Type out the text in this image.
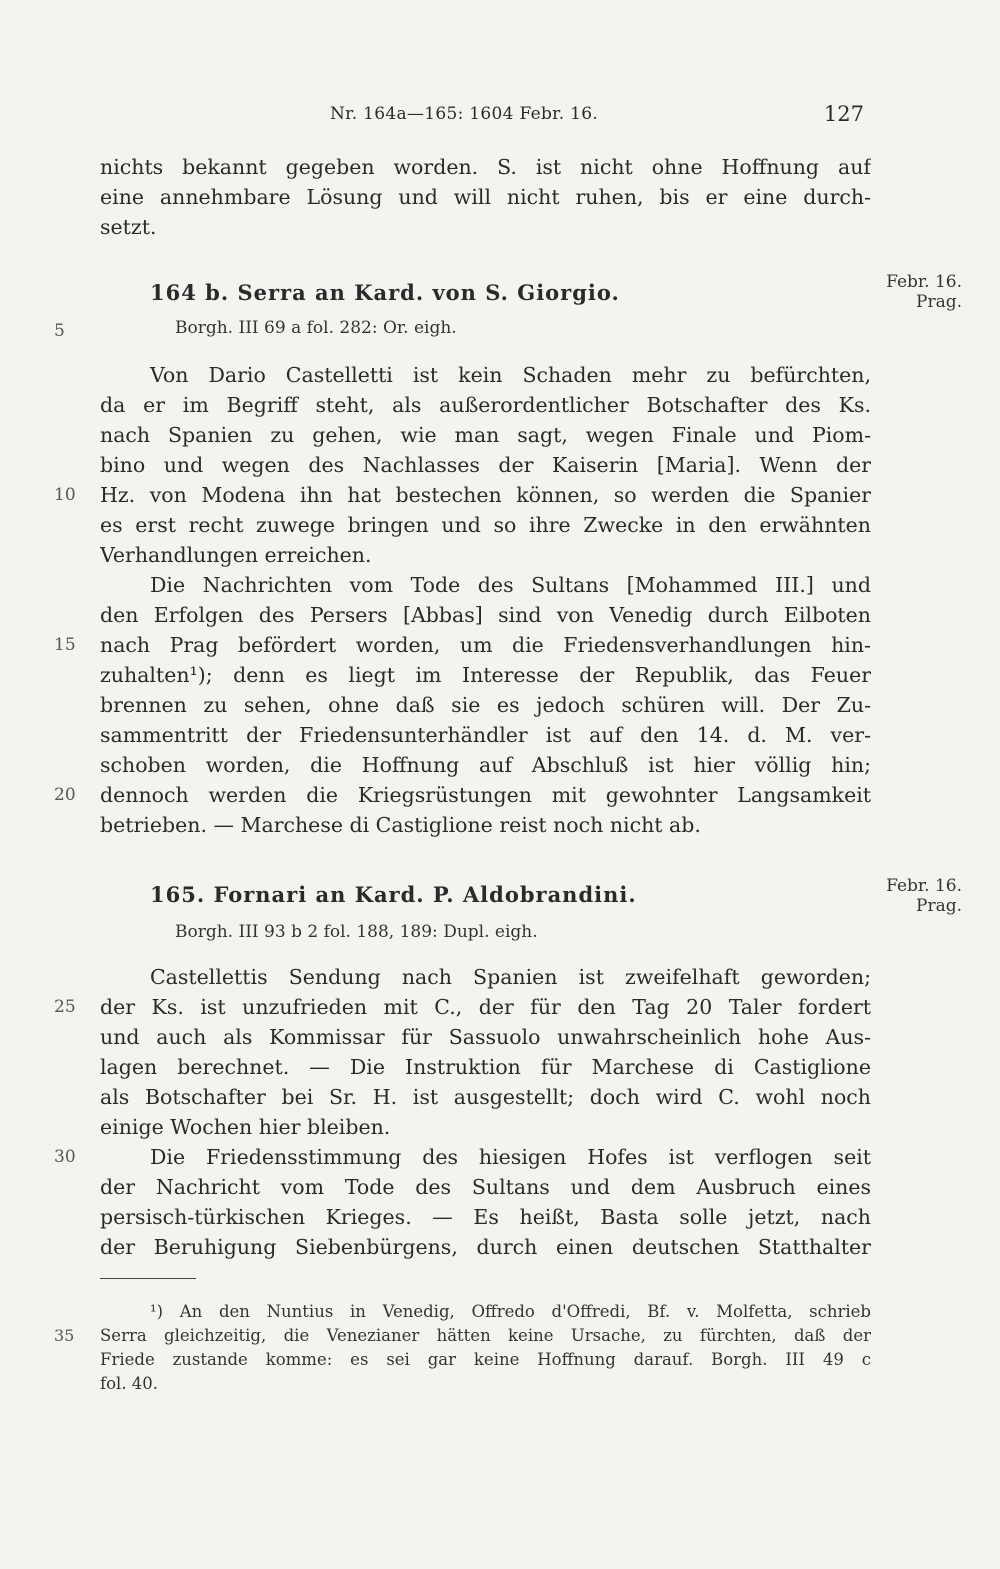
Nr. 164a—165: 1604 Febr. 16.	127
nichts bekannt gegeben worden. S. ist nicht ohne Hoffnung auf
eine annehmbare Lösung und will nicht ruhen, bis er eine durch-
setzt.
164 b. Serra an Kard. von S. Giorgio.
Borgh. III 69 a fol. 282: Or. eigh.
Febr. 16.
Prag.
5
Von Dario Castelletti ist kein Schaden mehr zu befürchten,
da er im Begriff steht, als außerordentlicher Botschafter des Ks.
nach Spanien zu gehen, wie man sagt, wegen Finale und Piom-
bino und wegen des Nachlasses der Kaiserin [Maria]. Wenn der
10	Hz. von Modena ihn hat bestechen können, so werden die Spanier
es erst recht zuwege bringen und so ihre Zwecke in den erwähnten
Verhandlungen erreichen.
Die Nachrichten vom Tode des Sultans [Mohammed III.] und
den Erfolgen des Persers [Abbas] sind von Venedig durch Eilboten
15	nach Prag befördert worden, um die Friedensverhandlungen hin-
zuhalten¹); denn es liegt im Interesse der Republik, das Feuer
brennen zu sehen, ohne daß sie es jedoch schüren will. Der Zu-
sammentritt der Friedensunterhändler ist auf den 14. d. M. ver-
schoben worden, die Hoffnung auf Abschluß ist hier völlig hin;
20	dennoch werden die Kriegsrüstungen mit gewohnter Langsamkeit
betrieben. — Marchese di Castiglione reist noch nicht ab.
165. Fornari an Kard. P. Aldobrandini.
Borgh. III 93 b 2 fol. 188, 189: Dupl. eigh.
Febr. 16.
Prag.
Castellettis Sendung nach Spanien ist zweifelhaft geworden;
25	der Ks. ist unzufrieden mit C., der für den Tag 20 Taler fordert
und auch als Kommissar für Sassuolo unwahrscheinlich hohe Aus-
lagen berechnet. — Die Instruktion für Marchese di Castiglione
als Botschafter bei Sr. H. ist ausgestellt; doch wird C. wohl noch
einige Wochen hier bleiben.
30	Die Friedensstimmung des hiesigen Hofes ist verflogen seit
der Nachricht vom Tode des Sultans und dem Ausbruch eines
persisch-türkischen Krieges. — Es heißt, Basta solle jetzt, nach
der Beruhigung Siebenbürgens, durch einen deutschen Statthalter
¹) An den Nuntius in Venedig, Offredo d'Offredi, Bf. v. Molfetta, schrieb
35	Serra gleichzeitig, die Venezianer hätten keine Ursache, zu fürchten, daß der
Friede zustande komme: es sei gar keine Hoffnung darauf. Borgh. III 49 c
fol. 40.
